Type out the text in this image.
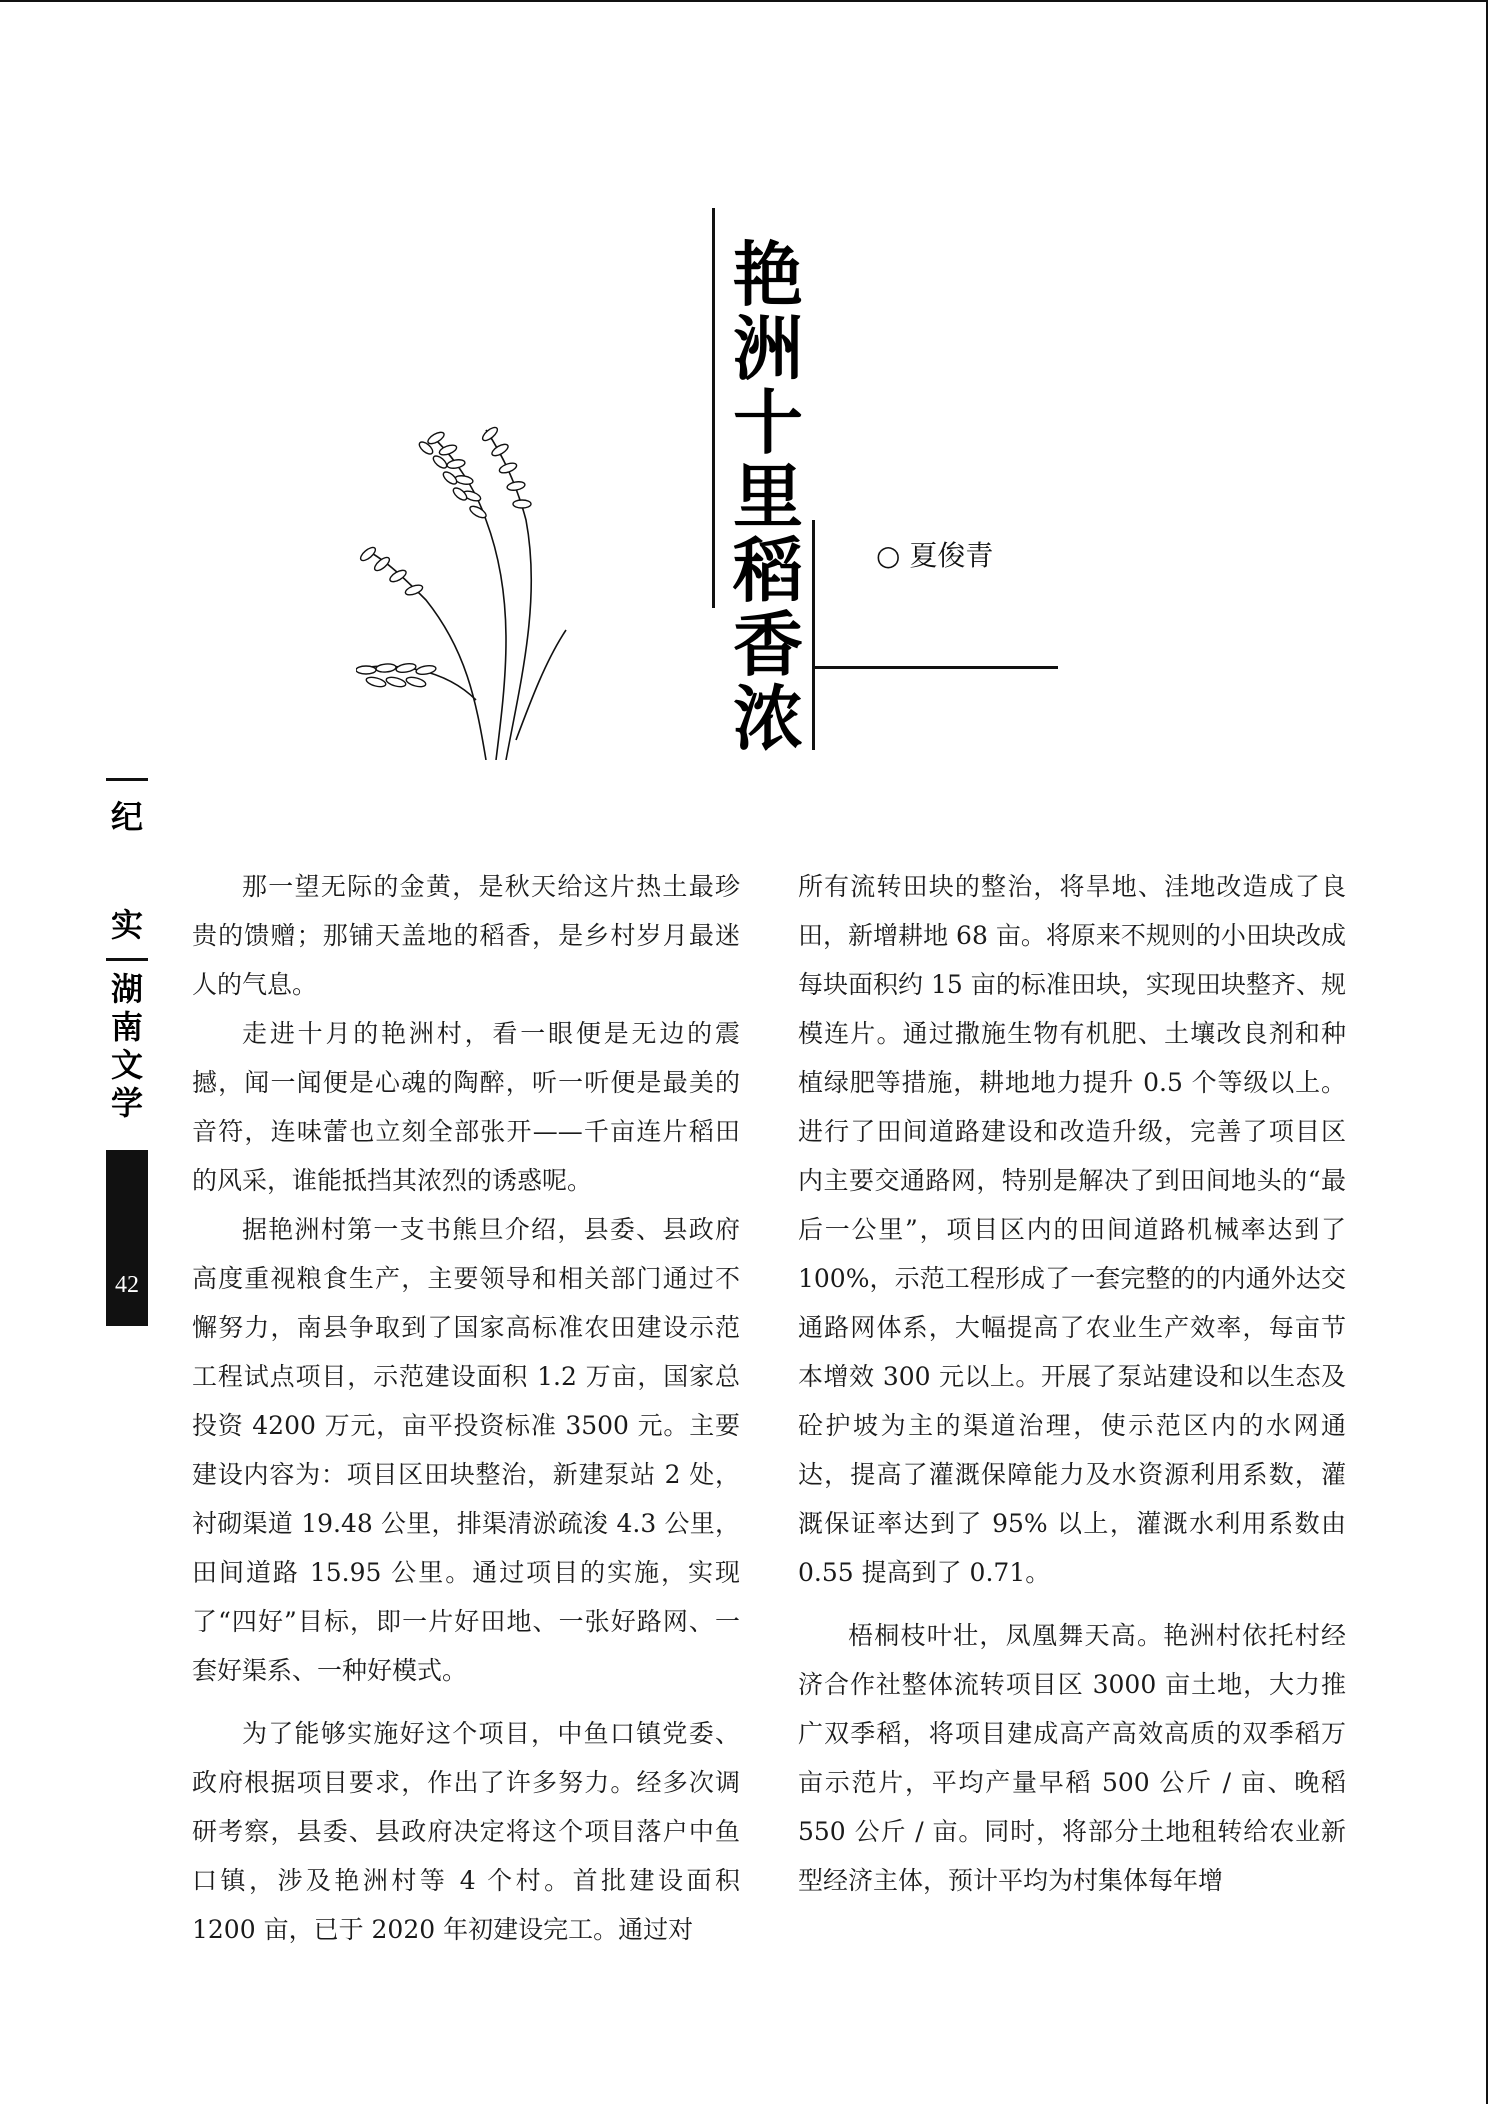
艳
洲
十
里
稻
香
浓
○ 夏俊青
纪
实
湖
南
文
学
42

那一望无际的金黄，是秋天给这片热土最珍贵的馈赠；那铺天盖地的稻香，是乡村岁月最迷人的气息。

走进十月的艳洲村，看一眼便是无边的震撼，闻一闻便是心魂的陶醉，听一听便是最美的音符，连味蕾也立刻全部张开——千亩连片稻田的风采，谁能抵挡其浓烈的诱惑呢。

据艳洲村第一支书熊旦介绍，县委、县政府高度重视粮食生产，主要领导和相关部门通过不懈努力，南县争取到了国家高标准农田建设示范工程试点项目，示范建设面积 1.2 万亩，国家总投资 4200 万元，亩平投资标准 3500 元。主要建设内容为：项目区田块整治，新建泵站 2 处，衬砌渠道 19.48 公里，排渠清淤疏浚 4.3 公里，田间道路 15.95 公里。通过项目的实施，实现了“四好”目标，即一片好田地、一张好路网、一套好渠系、一种好模式。

为了能够实施好这个项目，中鱼口镇党委、政府根据项目要求，作出了许多努力。经多次调研考察，县委、县政府决定将这个项目落户中鱼口镇，涉及艳洲村等 4 个村。首批建设面积 1200 亩，已于 2020 年初建设完工。通过对

所有流转田块的整治，将旱地、洼地改造成了良田，新增耕地 68 亩。将原来不规则的小田块改成每块面积约 15 亩的标准田块，实现田块整齐、规模连片。通过撒施生物有机肥、土壤改良剂和种植绿肥等措施，耕地地力提升 0.5 个等级以上。进行了田间道路建设和改造升级，完善了项目区内主要交通路网，特别是解决了到田间地头的“最后一公里”，项目区内的田间道路机械率达到了 100%，示范工程形成了一套完整的的内通外达交通路网体系，大幅提高了农业生产效率，每亩节本增效 300 元以上。开展了泵站建设和以生态及砼护坡为主的渠道治理，使示范区内的水网通达，提高了灌溉保障能力及水资源利用系数，灌溉保证率达到了 95% 以上，灌溉水利用系数由 0.55 提高到了 0.71。

梧桐枝叶壮，凤凰舞天高。艳洲村依托村经济合作社整体流转项目区 3000 亩土地，大力推广双季稻，将项目建成高产高效高质的双季稻万亩示范片，平均产量早稻 500 公斤 / 亩、晚稻 550 公斤 / 亩。同时，将部分土地租转给农业新型经济主体，预计平均为村集体每年增
